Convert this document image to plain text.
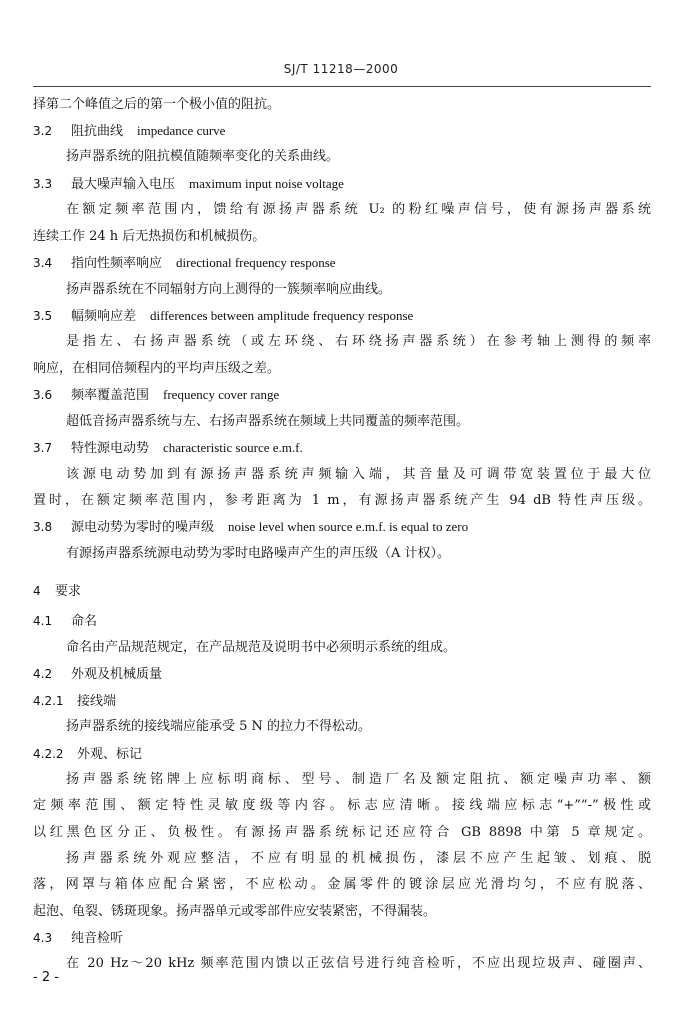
SJ/T 11218—2000
择第二个峰值之后的第一个极小值的阻抗。
3.2 阻抗曲线 impedance curve
扬声器系统的阻抗模值随频率变化的关系曲线。
3.3 最大噪声输入电压 maximum input noise voltage
在额定频率范围内，馈给有源扬声器系统 U₂ 的粉红噪声信号，使有源扬声器系统
连续工作 24 h 后无热损伤和机械损伤。
3.4 指向性频率响应 directional frequency response
扬声器系统在不同辐射方向上测得的一簇频率响应曲线。
3.5 幅频响应差 differences between amplitude frequency response
是指左、右扬声器系统（或左环绕、右环绕扬声器系统）在参考轴上测得的频率
响应，在相同倍频程内的平均声压级之差。
3.6 频率覆盖范围 frequency cover range
超低音扬声器系统与左、右扬声器系统在频域上共同覆盖的频率范围。
3.7 特性源电动势 characteristic source e.m.f.
该源电动势加到有源扬声器系统声频输入端，其音量及可调带宽装置位于最大位
置时，在额定频率范围内，参考距离为 1 m，有源扬声器系统产生 94 dB 特性声压级。
3.8 源电动势为零时的噪声级 noise level when source e.m.f. is equal to zero
有源扬声器系统源电动势为零时电路噪声产生的声压级（A 计权）。
4 要求
4.1 命名
命名由产品规范规定，在产品规范及说明书中必须明示系统的组成。
4.2 外观及机械质量
4.2.1 接线端
扬声器系统的接线端应能承受 5 N 的拉力不得松动。
4.2.2 外观、标记
扬声器系统铭牌上应标明商标、型号、制造厂名及额定阻抗、额定噪声功率、额
定频率范围、额定特性灵敏度级等内容。标志应清晰。接线端应标志“+”“-”极性或
以红黑色区分正、负极性。有源扬声器系统标记还应符合 GB 8898 中第 5 章规定。
扬声器系统外观应整洁，不应有明显的机械损伤，漆层不应产生起皱、划痕、脱
落，网罩与箱体应配合紧密，不应松动。金属零件的镀涂层应光滑均匀，不应有脱落、
起泡、龟裂、锈斑现象。扬声器单元或零部件应安装紧密，不得漏装。
4.3 纯音检听
在 20 Hz～20 kHz 频率范围内馈以正弦信号进行纯音检听，不应出现垃圾声、碰圈声、
- 2 -
